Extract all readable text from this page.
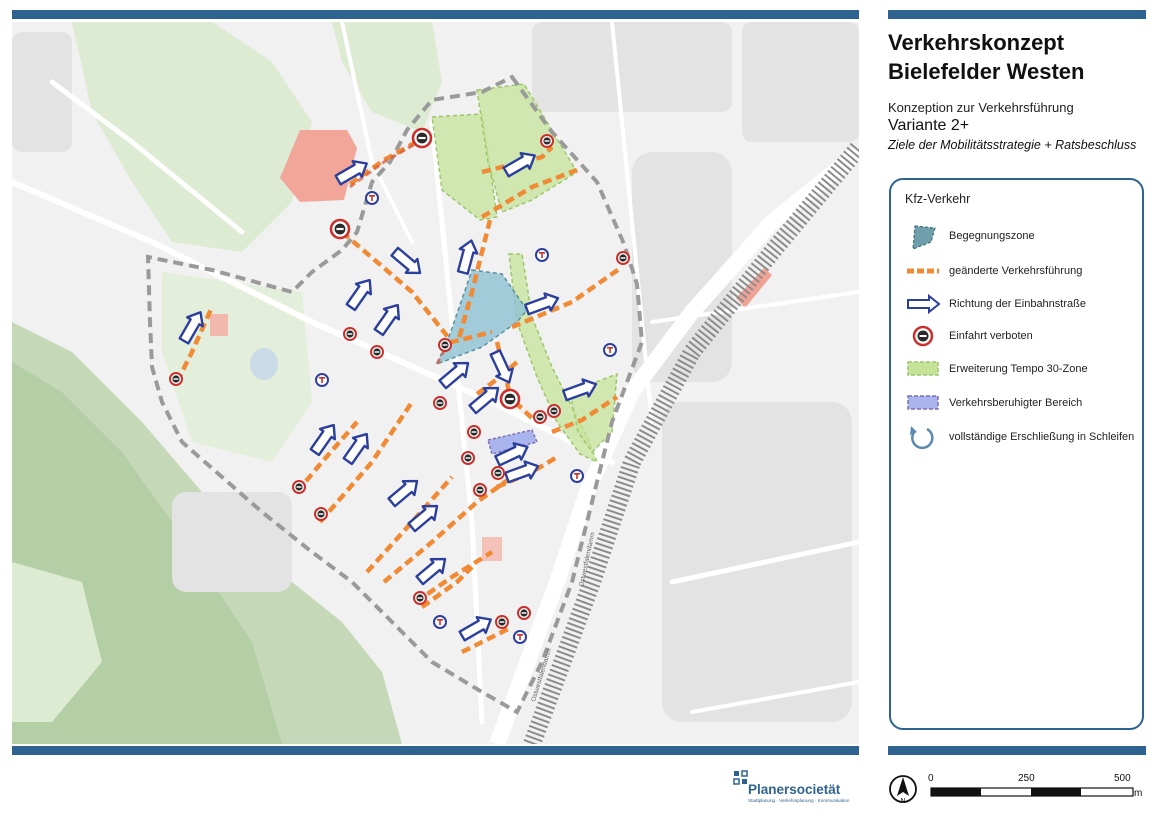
Ostwestfalendamm
Ostwestfalendamm
Verkehrskonzept
Bielefelder Westen
Konzeption zur Verkehrsführung
Variante 2+
Ziele der Mobilitätsstrategie + Ratsbeschluss
Kfz-Verkehr
Begegnungszone
geänderte Verkehrsführung
Richtung der Einbahnstraße
Einfahrt verboten
Erweiterung Tempo 30-Zone
Verkehrsberuhigter Bereich
vollständige Erschließung in Schleifen
Planersocietät
Stadtplanung · Verkehrsplanung · Kommunikation	N
0	250	500
m
